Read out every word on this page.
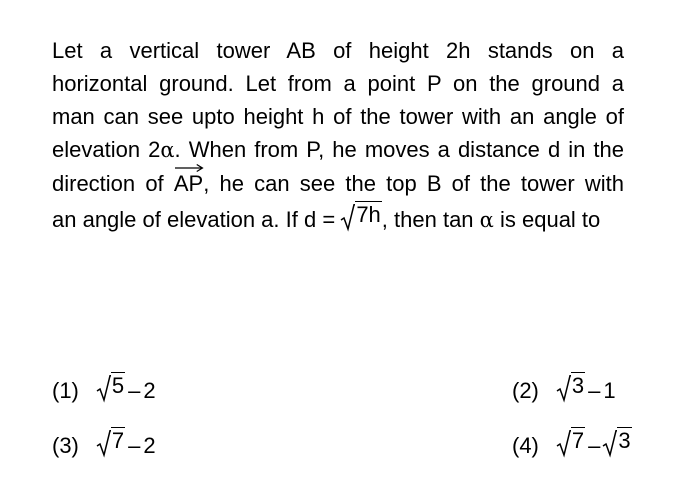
Let a vertical tower AB of height 2h stands on a
horizontal ground. Let from a point P on the ground a
man can see upto height h of the tower with an angle of
elevation 2α. When from P, he moves a distance d in the
direction of AP, he can see the top B of the tower with
an angle of elevation a. If d = 7h , then tan α is equal to
(1) 5 – 2	(2) 3 – 1
(3) 7 – 2	(4) 7 – 3
